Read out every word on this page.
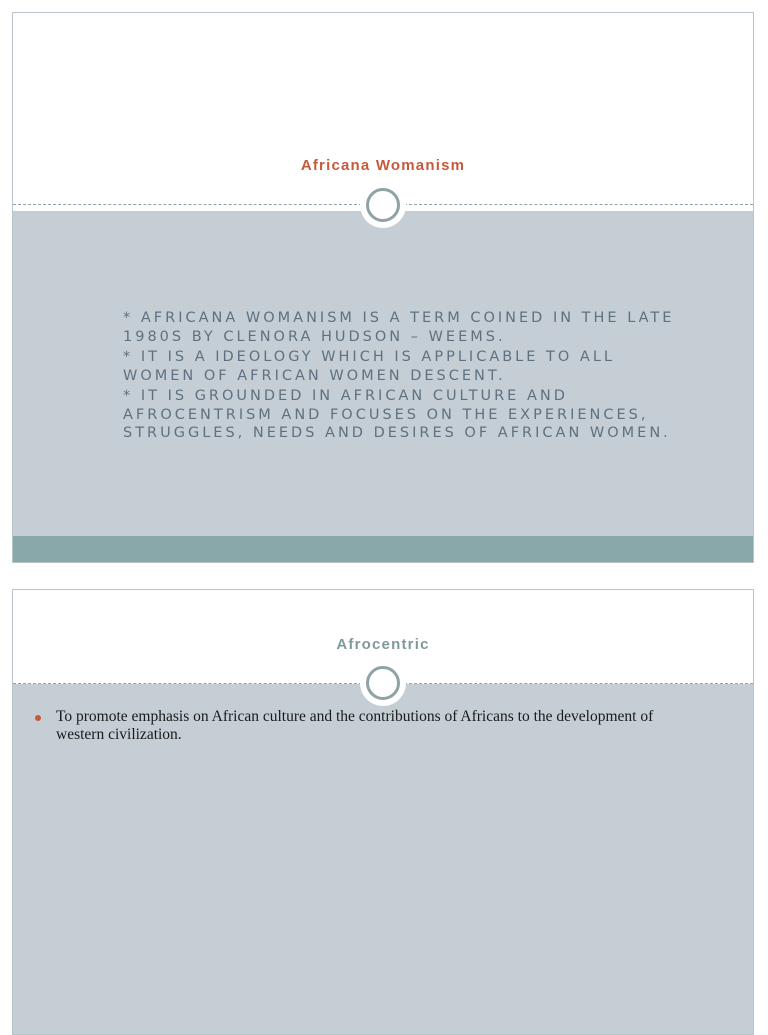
Africana Womanism

* AFRICANA WOMANISM IS A TERM COINED IN THE LATE 1980S BY CLENORA HUDSON – WEEMS.

* IT IS A IDEOLOGY WHICH IS APPLICABLE TO ALL WOMEN OF AFRICAN WOMEN DESCENT.

* IT IS GROUNDED IN AFRICAN CULTURE AND AFROCENTRISM AND FOCUSES ON THE EXPERIENCES, STRUGGLES, NEEDS AND DESIRES OF AFRICAN WOMEN.

Afrocentric
To promote emphasis on African culture and the contributions of Africans to the development of western civilization.
